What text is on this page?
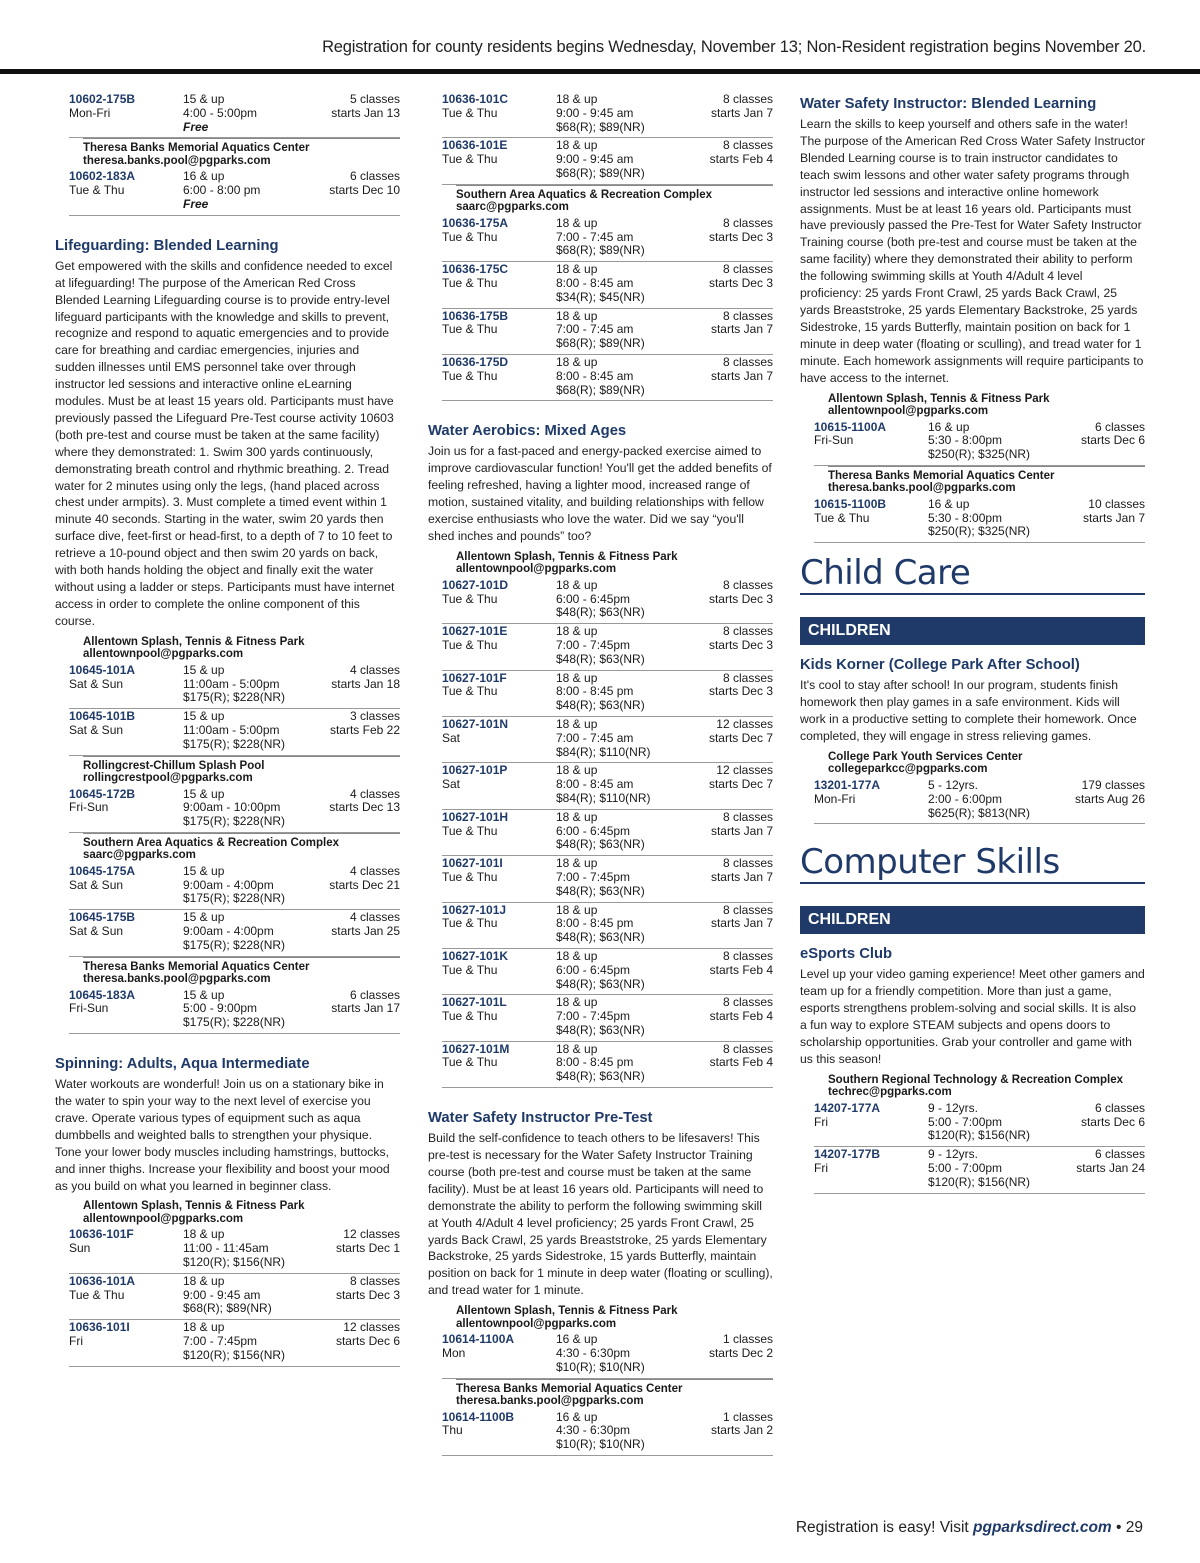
Registration for county residents begins Wednesday, November 13; Non-Resident registration begins November 20.
10602-175B
Mon-Fri
15 & up
4:00 - 5:00pm
Free
5 classes
starts Jan 13
Theresa Banks Memorial Aquatics Center
theresa.banks.pool@pgparks.com
10602-183A
Tue & Thu
16 & up
6:00 - 8:00 pm
Free
6 classes
starts Dec 10
Lifeguarding: Blended Learning
Get empowered with the skills and confidence needed to excel at lifeguarding! The purpose of the American Red Cross Blended Learning Lifeguarding course is to provide entry-level lifeguard participants with the knowledge and skills to prevent, recognize and respond to aquatic emergencies and to provide care for breathing and cardiac emergencies, injuries and sudden illnesses until EMS personnel take over through instructor led sessions and interactive online eLearning modules. Must be at least 15 years old. Participants must have previously passed the Lifeguard Pre-Test course activity 10603 (both pre-test and course must be taken at the same facility) where they demonstrated: 1. Swim 300 yards continuously, demonstrating breath control and rhythmic breathing. 2. Tread water for 2 minutes using only the legs, (hand placed across chest under armpits). 3. Must complete a timed event within 1 minute 40 seconds. Starting in the water, swim 20 yards then surface dive, feet-first or head-first, to a depth of 7 to 10 feet to retrieve a 10-pound object and then swim 20 yards on back, with both hands holding the object and finally exit the water without using a ladder or steps. Participants must have internet access in order to complete the online component of this course.
Allentown Splash, Tennis & Fitness Park
allentownpool@pgparks.com
10645-101A
Sat & Sun
15 & up
11:00am - 5:00pm
$175(R); $228(NR)
4 classes
starts Jan 18
10645-101B
Sat & Sun
15 & up
11:00am - 5:00pm
$175(R); $228(NR)
3 classes
starts Feb 22
Rollingcrest-Chillum Splash Pool
rollingcrestpool@pgparks.com
10645-172B
Fri-Sun
15 & up
9:00am - 10:00pm
$175(R); $228(NR)
4 classes
starts Dec 13
Southern Area Aquatics & Recreation Complex
saarc@pgparks.com
10645-175A
Sat & Sun
15 & up
9:00am - 4:00pm
$175(R); $228(NR)
4 classes
starts Dec 21
10645-175B
Sat & Sun
15 & up
9:00am - 4:00pm
$175(R); $228(NR)
4 classes
starts Jan 25
Theresa Banks Memorial Aquatics Center
theresa.banks.pool@pgparks.com
10645-183A
Fri-Sun
15 & up
5:00 - 9:00pm
$175(R); $228(NR)
6 classes
starts Jan 17
Spinning: Adults, Aqua Intermediate
Water workouts are wonderful! Join us on a stationary bike in the water to spin your way to the next level of exercise you crave. Operate various types of equipment such as aqua dumbbells and weighted balls to strengthen your physique. Tone your lower body muscles including hamstrings, buttocks, and inner thighs. Increase your flexibility and boost your mood as you build on what you learned in beginner class.
Allentown Splash, Tennis & Fitness Park
allentownpool@pgparks.com
10636-101F
Sun
18 & up
11:00 - 11:45am
$120(R); $156(NR)
12 classes
starts Dec 1
10636-101A
Tue & Thu
18 & up
9:00 - 9:45 am
$68(R); $89(NR)
8 classes
starts Dec 3
10636-101I
Fri
18 & up
7:00 - 7:45pm
$120(R); $156(NR)
12 classes
starts Dec 6
10636-101C
Tue & Thu
18 & up
9:00 - 9:45 am
$68(R); $89(NR)
8 classes
starts Jan 7
10636-101E
Tue & Thu
18 & up
9:00 - 9:45 am
$68(R); $89(NR)
8 classes
starts Feb 4
Southern Area Aquatics & Recreation Complex
saarc@pgparks.com
10636-175A
Tue & Thu
18 & up
7:00 - 7:45 am
$68(R); $89(NR)
8 classes
starts Dec 3
10636-175C
Tue & Thu
18 & up
8:00 - 8:45 am
$34(R); $45(NR)
8 classes
starts Dec 3
10636-175B
Tue & Thu
18 & up
7:00 - 7:45 am
$68(R); $89(NR)
8 classes
starts Jan 7
10636-175D
Tue & Thu
18 & up
8:00 - 8:45 am
$68(R); $89(NR)
8 classes
starts Jan 7
Water Aerobics: Mixed Ages
Join us for a fast-paced and energy-packed exercise aimed to improve cardiovascular function! You'll get the added benefits of feeling refreshed, having a lighter mood, increased range of motion, sustained vitality, and building relationships with fellow exercise enthusiasts who love the water. Did we say “you'll shed inches and pounds” too?
Allentown Splash, Tennis & Fitness Park
allentownpool@pgparks.com
10627-101D
Tue & Thu
18 & up
6:00 - 6:45pm
$48(R); $63(NR)
8 classes
starts Dec 3
10627-101E
Tue & Thu
18 & up
7:00 - 7:45pm
$48(R); $63(NR)
8 classes
starts Dec 3
10627-101F
Tue & Thu
18 & up
8:00 - 8:45 pm
$48(R); $63(NR)
8 classes
starts Dec 3
10627-101N
Sat
18 & up
7:00 - 7:45 am
$84(R); $110(NR)
12 classes
starts Dec 7
10627-101P
Sat
18 & up
8:00 - 8:45 am
$84(R); $110(NR)
12 classes
starts Dec 7
10627-101H
Tue & Thu
18 & up
6:00 - 6:45pm
$48(R); $63(NR)
8 classes
starts Jan 7
10627-101I
Tue & Thu
18 & up
7:00 - 7:45pm
$48(R); $63(NR)
8 classes
starts Jan 7
10627-101J
Tue & Thu
18 & up
8:00 - 8:45 pm
$48(R); $63(NR)
8 classes
starts Jan 7
10627-101K
Tue & Thu
18 & up
6:00 - 6:45pm
$48(R); $63(NR)
8 classes
starts Feb 4
10627-101L
Tue & Thu
18 & up
7:00 - 7:45pm
$48(R); $63(NR)
8 classes
starts Feb 4
10627-101M
Tue & Thu
18 & up
8:00 - 8:45 pm
$48(R); $63(NR)
8 classes
starts Feb 4
Water Safety Instructor Pre-Test
Build the self-confidence to teach others to be lifesavers! This pre-test is necessary for the Water Safety Instructor Training course (both pre-test and course must be taken at the same facility). Must be at least 16 years old. Participants will need to demonstrate the ability to perform the following swimming skill at Youth 4/Adult 4 level proficiency; 25 yards Front Crawl, 25 yards Back Crawl, 25 yards Breaststroke, 25 yards Elementary Backstroke, 25 yards Sidestroke, 15 yards Butterfly, maintain position on back for 1 minute in deep water (floating or sculling), and tread water for 1 minute.
Allentown Splash, Tennis & Fitness Park
allentownpool@pgparks.com
10614-1100A
Mon
16 & up
4:30 - 6:30pm
$10(R); $10(NR)
1 classes
starts Dec 2
Theresa Banks Memorial Aquatics Center
theresa.banks.pool@pgparks.com
10614-1100B
Thu
16 & up
4:30 - 6:30pm
$10(R); $10(NR)
1 classes
starts Jan 2
Water Safety Instructor: Blended Learning
Learn the skills to keep yourself and others safe in the water! The purpose of the American Red Cross Water Safety Instructor Blended Learning course is to train instructor candidates to teach swim lessons and other water safety programs through instructor led sessions and interactive online homework assignments. Must be at least 16 years old. Participants must have previously passed the Pre-Test for Water Safety Instructor Training course (both pre-test and course must be taken at the same facility) where they demonstrated their ability to perform the following swimming skills at Youth 4/Adult 4 level proficiency: 25 yards Front Crawl, 25 yards Back Crawl, 25 yards Breaststroke, 25 yards Elementary Backstroke, 25 yards Sidestroke, 15 yards Butterfly, maintain position on back for 1 minute in deep water (floating or sculling), and tread water for 1 minute. Each homework assignments will require participants to have access to the internet.
Allentown Splash, Tennis & Fitness Park
allentownpool@pgparks.com
10615-1100A
Fri-Sun
16 & up
5:30 - 8:00pm
$250(R); $325(NR)
6 classes
starts Dec 6
Theresa Banks Memorial Aquatics Center
theresa.banks.pool@pgparks.com
10615-1100B
Tue & Thu
16 & up
5:30 - 8:00pm
$250(R); $325(NR)
10 classes
starts Jan 7
Child Care
CHILDREN
Kids Korner (College Park After School)
It's cool to stay after school! In our program, students finish homework then play games in a safe environment. Kids will work in a productive setting to complete their homework. Once completed, they will engage in stress relieving games.
College Park Youth Services Center
collegeparkcc@pgparks.com
13201-177A
Mon-Fri
5 - 12yrs.
2:00 - 6:00pm
$625(R); $813(NR)
179 classes
starts Aug 26
Computer Skills
CHILDREN
eSports Club
Level up your video gaming experience! Meet other gamers and team up for a friendly competition. More than just a game, esports strengthens problem-solving and social skills. It is also a fun way to explore STEAM subjects and opens doors to scholarship opportunities. Grab your controller and game with us this season!
Southern Regional Technology & Recreation Complex
techrec@pgparks.com
14207-177A
Fri
9 - 12yrs.
5:00 - 7:00pm
$120(R); $156(NR)
6 classes
starts Dec 6
14207-177B
Fri
9 - 12yrs.
5:00 - 7:00pm
$120(R); $156(NR)
6 classes
starts Jan 24
Registration is easy! Visit pgparksdirect.com • 29
